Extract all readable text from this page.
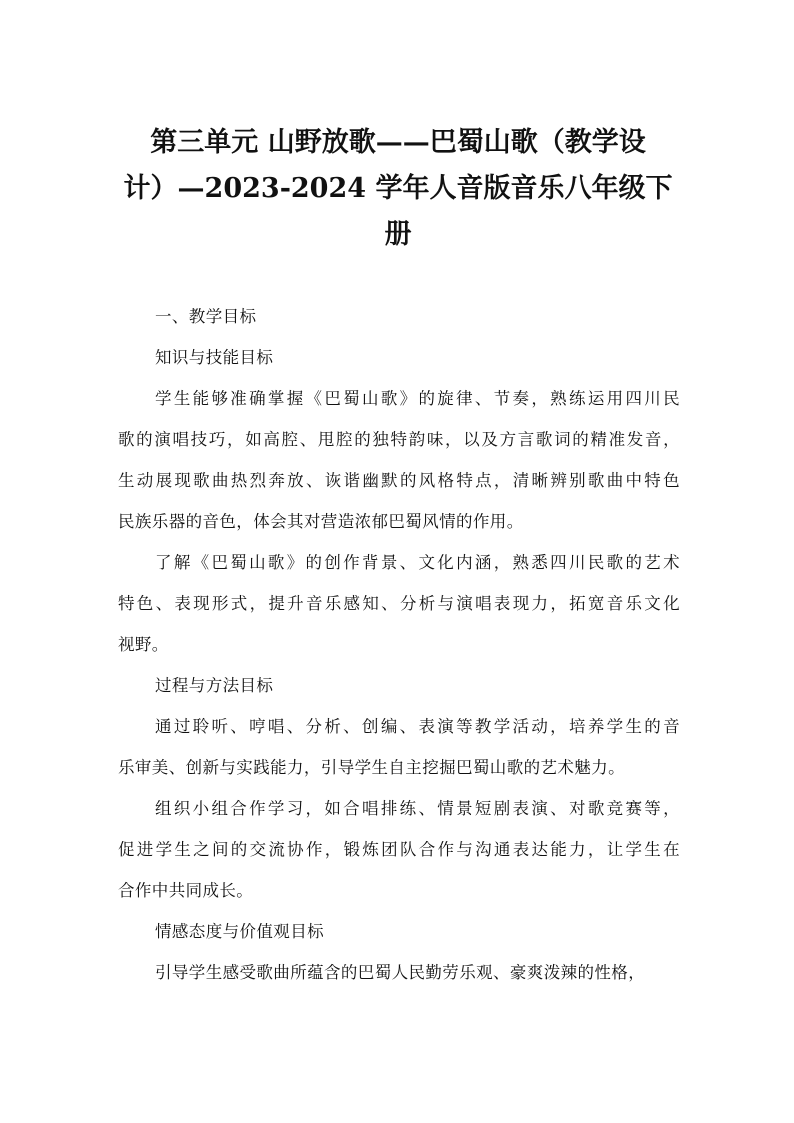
第三单元 山野放歌——巴蜀山歌（教学设
计）—2023-2024 学年人音版音乐八年级下
册

一、教学目标

知识与技能目标

学生能够准确掌握《巴蜀山歌》的旋律、节奏，熟练运用四川民
歌的演唱技巧，如高腔、甩腔的独特韵味，以及方言歌词的精准发音，
生动展现歌曲热烈奔放、诙谐幽默的风格特点，清晰辨别歌曲中特色
民族乐器的音色，体会其对营造浓郁巴蜀风情的作用。

了解《巴蜀山歌》的创作背景、文化内涵，熟悉四川民歌的艺术
特色、表现形式，提升音乐感知、分析与演唱表现力，拓宽音乐文化
视野。

过程与方法目标

通过聆听、哼唱、分析、创编、表演等教学活动，培养学生的音
乐审美、创新与实践能力，引导学生自主挖掘巴蜀山歌的艺术魅力。

组织小组合作学习，如合唱排练、情景短剧表演、对歌竞赛等，
促进学生之间的交流协作，锻炼团队合作与沟通表达能力，让学生在
合作中共同成长。

情感态度与价值观目标

引导学生感受歌曲所蕴含的巴蜀人民勤劳乐观、豪爽泼辣的性格，
